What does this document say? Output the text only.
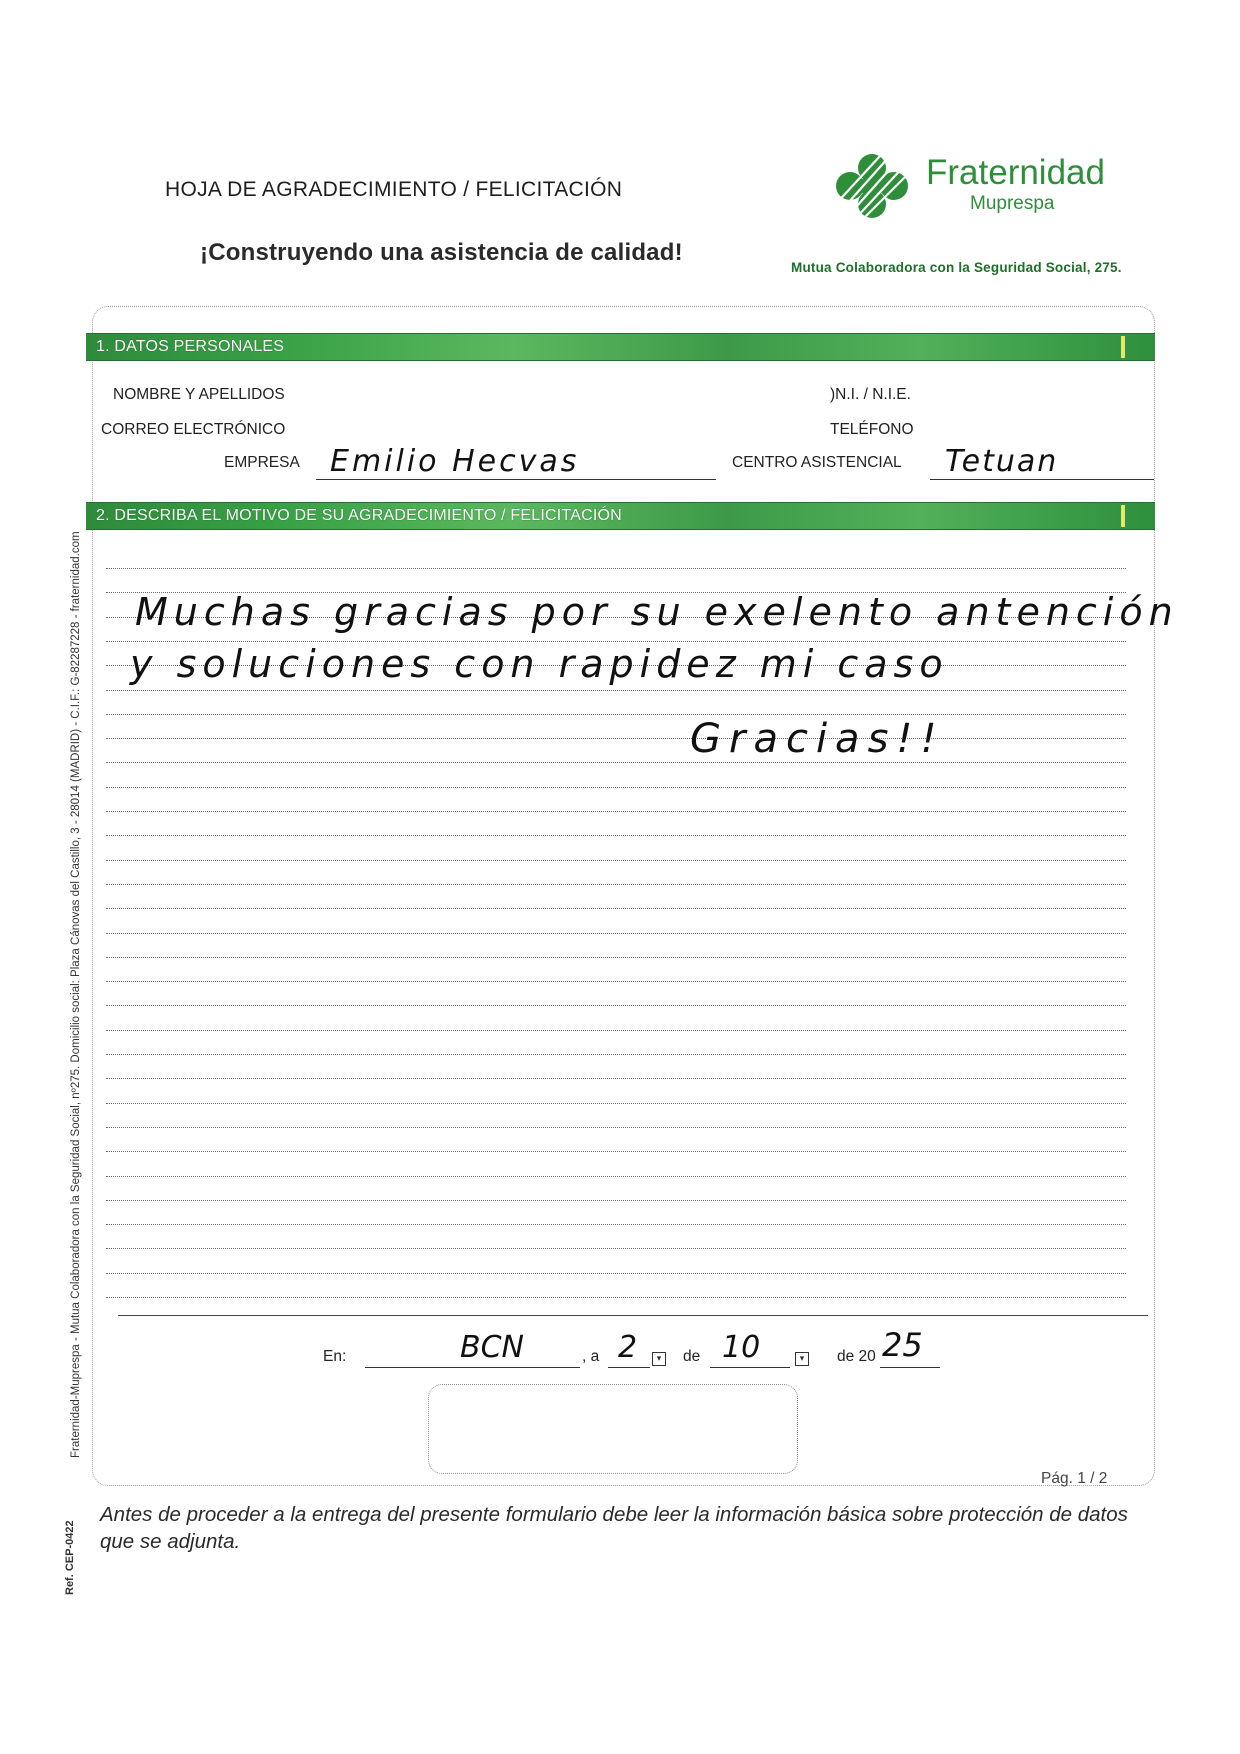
HOJA DE AGRADECIMIENTO / FELICITACIÓN
¡Construyendo una asistencia de calidad!
Fraternidad
Muprespa
Mutua Colaboradora con la Seguridad Social, 275.
1. DATOS PERSONALES
NOMBRE Y APELLIDOS	)N.I. / N.I.E.
CORREO ELECTRÓNICO	TELÉFONO
EMPRESA Emilio Hecvas	CENTRO ASISTENCIAL Tetuan
2. DESCRIBA EL MOTIVO DE SU AGRADECIMIENTO / FELICITACIÓN
Muchas gracias por su exelento antención
y soluciones con rapidez mi caso
Gracias!!
En:	BCN	, a 2	▾	de 10	▾	de 20 25
Pág. 1 / 2
Antes de proceder a la entrega del presente formulario debe leer la información básica sobre protección de datos que se adjunta.
Fraternidad-Muprespa - Mutua Colaboradora con la Seguridad Social, nº275. Domicilio social: Plaza Cánovas del Castillo, 3 - 28014 (MADRID) - C.I.F.: G-82287228 - fraternidad.com
Ref. CEP-0422
